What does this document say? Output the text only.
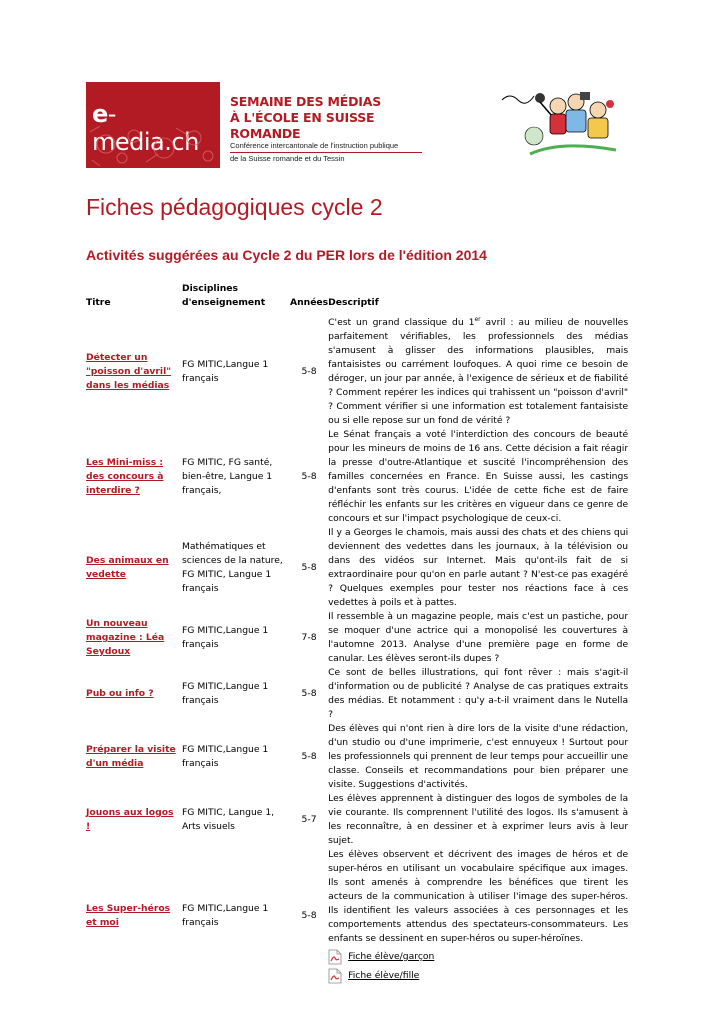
e-media.ch
SEMAINE DES MÉDIAS
À L'ÉCOLE EN SUISSE ROMANDE
Conférence intercantonale de l'instruction publique
de la Suisse romande et du Tessin
Fiches pédagogiques cycle 2
Activités suggérées au Cycle 2 du PER lors de l'édition 2014
Titre	Disciplines d'enseignement	Années	Descriptif

Détecter un "poisson d'avril" dans les médias	FG MITIC,Langue 1 français	5-8	C'est un grand classique du 1er avril : au milieu de nouvelles parfaitement vérifiables, les professionnels des médias s'amusent à glisser des informations plausibles, mais fantaisistes ou carrément loufoques. A quoi rime ce besoin de déroger, un jour par année, à l'exigence de sérieux et de fiabilité ? Comment repérer les indices qui trahissent un "poisson d'avril" ? Comment vérifier si une information est totalement fantaisiste ou si elle repose sur un fond de vérité ?

Les Mini-miss : des concours à interdire ?	FG MITIC, FG santé, bien-être, Langue 1 français,	5-8	Le Sénat français a voté l'interdiction des concours de beauté pour les mineurs de moins de 16 ans. Cette décision a fait réagir la presse d'outre-Atlantique et suscité l'incompréhension des familles concernées en France. En Suisse aussi, les castings d'enfants sont très courus. L'idée de cette fiche est de faire réfléchir les enfants sur les critères en vigueur dans ce genre de concours et sur l'impact psychologique de ceux-ci.

Des animaux en vedette	Mathématiques et sciences de la nature, FG MITIC, Langue 1 français	5-8	Il y a Georges le chamois, mais aussi des chats et des chiens qui deviennent des vedettes dans les journaux, à la télévision ou dans des vidéos sur Internet. Mais qu'ont-ils fait de si extraordinaire pour qu'on en parle autant ? N'est-ce pas exagéré ? Quelques exemples pour tester nos réactions face à ces vedettes à poils et à pattes.

Un nouveau magazine : Léa Seydoux	FG MITIC,Langue 1 français	7-8	Il ressemble à un magazine people, mais c'est un pastiche, pour se moquer d'une actrice qui a monopolisé les couvertures à l'automne 2013. Analyse d'une première page en forme de canular. Les élèves seront-ils dupes ?

Pub ou info ?	FG MITIC,Langue 1 français	5-8	Ce sont de belles illustrations, qui font rêver : mais s'agit-il d'information ou de publicité ? Analyse de cas pratiques extraits des médias. Et notamment : qu'y a-t-il vraiment dans le Nutella ?

Préparer la visite d'un média	FG MITIC,Langue 1 français	5-8	Des élèves qui n'ont rien à dire lors de la visite d'une rédaction, d'un studio ou d'une imprimerie, c'est ennuyeux ! Surtout pour les professionnels qui prennent de leur temps pour accueillir une classe. Conseils et recommandations pour bien préparer une visite. Suggestions d'activités.

Jouons aux logos !	FG MITIC, Langue 1, Arts visuels	5-7	Les élèves apprennent à distinguer des logos de symboles de la vie courante. Ils comprennent l'utilité des logos. Ils s'amusent à les reconnaître, à en dessiner et à exprimer leurs avis à leur sujet.

Les Super-héros et moi	FG MITIC,Langue 1 français	5-8	Les élèves observent et décrivent des images de héros et de super-héros en utilisant un vocabulaire spécifique aux images. Ils sont amenés à comprendre les bénéfices que tirent les acteurs de la communication à utiliser l'image des super-héros. Ils identifient les valeurs associées à ces personnages et les comportements attendus des spectateurs-consommateurs. Les enfants se dessinent en super-héros ou super-héroïnes.
Fiche élève/garçon
Fiche élève/fille
